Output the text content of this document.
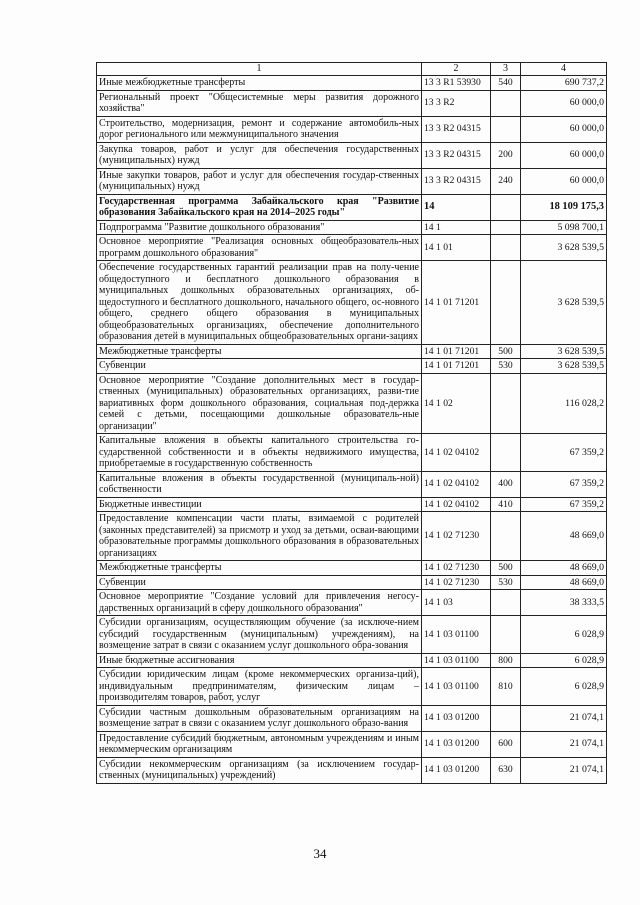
1	2	3	4
Иные межбюджетные трансферты	13 3 R1 53930	540	690 737,2
Региональный проект "Общесистемные меры развития дорожного хозяйства"	13 3 R2		60 000,0
Строительство, модернизация, ремонт и содержание автомобиль-ных дорог регионального или межмуниципального значения	13 3 R2 04315		60 000,0
Закупка товаров, работ и услуг для обеспечения государственных (муниципальных) нужд	13 3 R2 04315	200	60 000,0
Иные закупки товаров, работ и услуг для обеспечения государ-ственных (муниципальных) нужд	13 3 R2 04315	240	60 000,0
Государственная программа Забайкальского края "Развитие образования Забайкальского края на 2014–2025 годы"	14		18 109 175,3
Подпрограмма "Развитие дошкольного образования"	14 1		5 098 700,1
Основное мероприятие "Реализация основных общеобразователь-ных программ дошкольного образования"	14 1 01		3 628 539,5
Обеспечение государственных гарантий реализации прав на полу-чение общедоступного и бесплатного дошкольного образования в муниципальных дошкольных образовательных организациях, об-щедоступного и бесплатного дошкольного, начального общего, ос-новного общего, среднего общего образования в муниципальных общеобразовательных организациях, обеспечение дополнительного образования детей в муниципальных общеобразовательных органи-зациях	14 1 01 71201		3 628 539,5
Межбюджетные трансферты	14 1 01 71201	500	3 628 539,5
Субвенции	14 1 01 71201	530	3 628 539,5
Основное мероприятие "Создание дополнительных мест в государ-ственных (муниципальных) образовательных организациях, разви-тие вариативных форм дошкольного образования, социальная под-держка семей с детьми, посещающими дошкольные образователь-ные организации"	14 1 02		116 028,2
Капитальные вложения в объекты капитального строительства го-сударственной собственности и в объекты недвижимого имущества, приобретаемые в государственную собственность	14 1 02 04102		67 359,2
Капитальные вложения в объекты государственной (муниципаль-ной) собственности	14 1 02 04102	400	67 359,2
Бюджетные инвестиции	14 1 02 04102	410	67 359,2
Предоставление компенсации части платы, взимаемой с родителей (законных представителей) за присмотр и уход за детьми, осваи-вающими образовательные программы дошкольного образования в образовательных организациях	14 1 02 71230		48 669,0
Межбюджетные трансферты	14 1 02 71230	500	48 669,0
Субвенции	14 1 02 71230	530	48 669,0
Основное мероприятие "Создание условий для привлечения негосу-дарственных организаций в сферу дошкольного образования"	14 1 03		38 333,5
Субсидии организациям, осуществляющим обучение (за исключе-нием субсидий государственным (муниципальным) учреждениям), на возмещение затрат в связи с оказанием услуг дошкольного обра-зования	14 1 03 01100		6 028,9
Иные бюджетные ассигнования	14 1 03 01100	800	6 028,9
Субсидии юридическим лицам (кроме некоммерческих организа-ций), индивидуальным предпринимателям, физическим лицам – производителям товаров, работ, услуг	14 1 03 01100	810	6 028,9
Субсидии частным дошкольным образовательным организациям на возмещение затрат в связи с оказанием услуг дошкольного образо-вания	14 1 03 01200		21 074,1
Предоставление субсидий бюджетным, автономным учреждениям и иным некоммерческим организациям	14 1 03 01200	600	21 074,1
Субсидии некоммерческим организациям (за исключением государ-ственных (муниципальных) учреждений)	14 1 03 01200	630	21 074,1
34
